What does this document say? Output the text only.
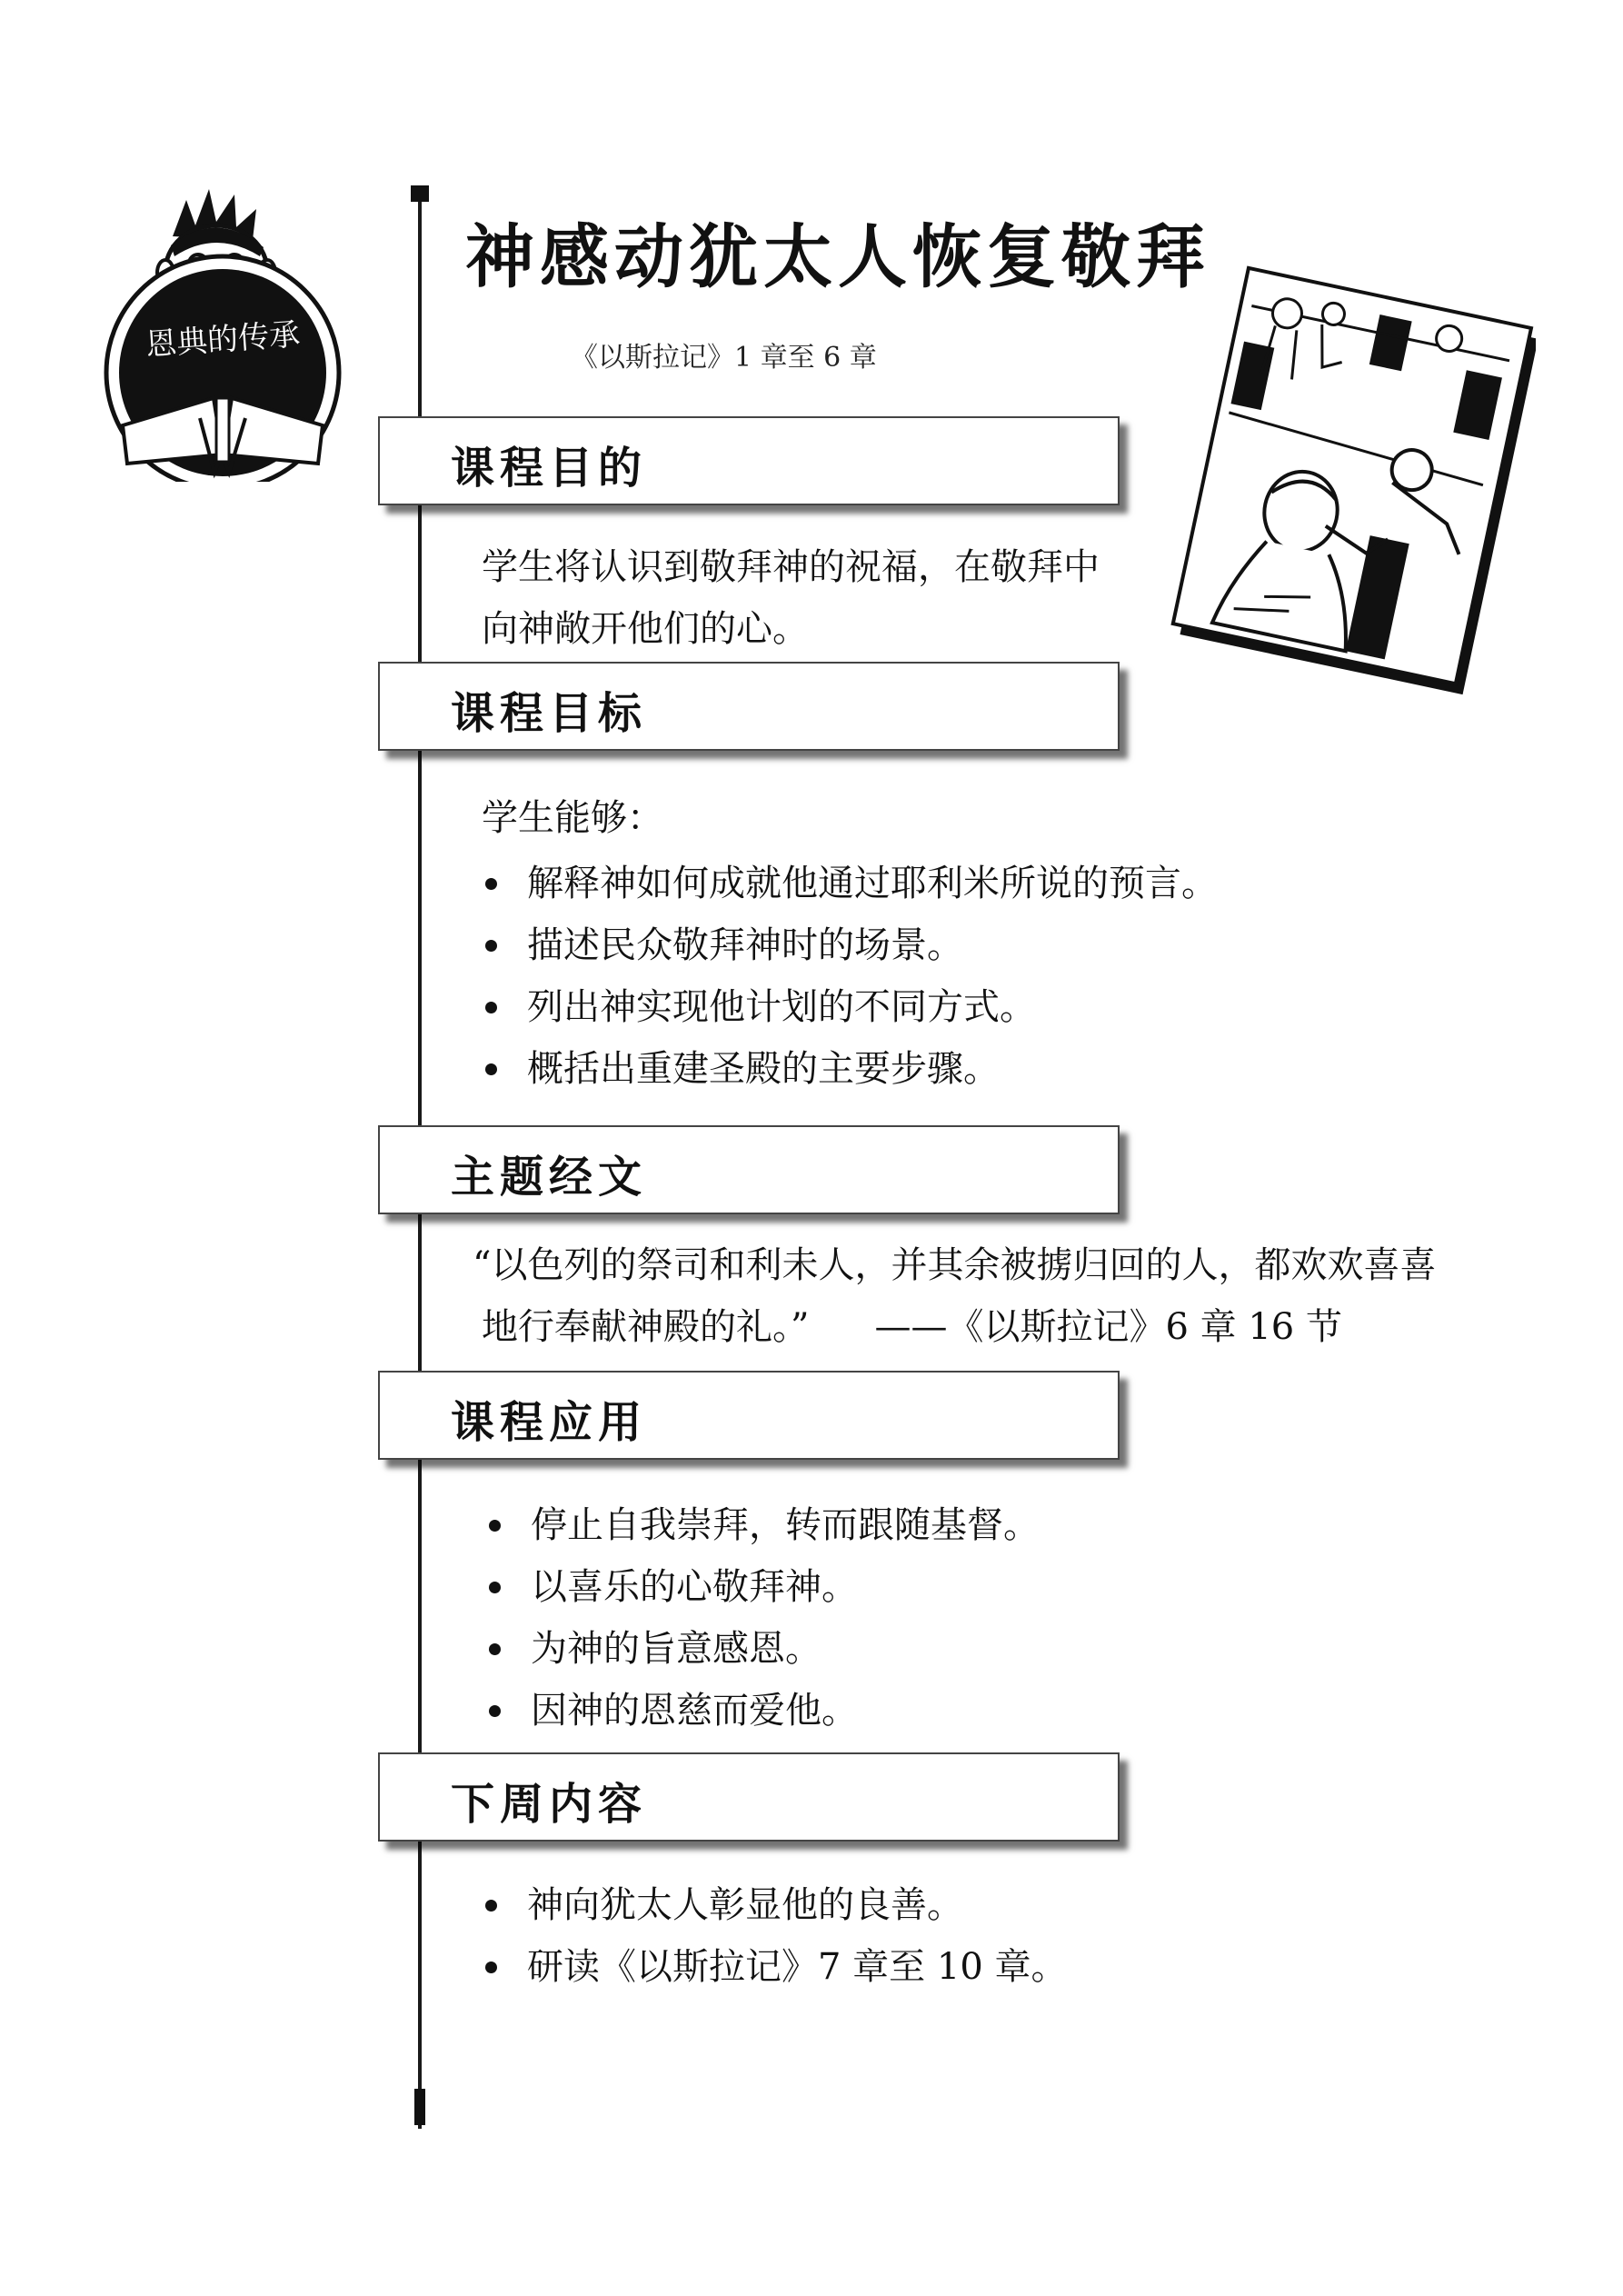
恩典的传承
神感动犹太人恢复敬拜
《以斯拉记》1 章至 6 章
课程目的
学生将认识到敬拜神的祝福，在敬拜中
向神敞开他们的心。
课程目标
学生能够：
解释神如何成就他通过耶利米所说的预言。
描述民众敬拜神时的场景。
列出神实现他计划的不同方式。
概括出重建圣殿的主要步骤。
主题经文
“以色列的祭司和利未人，并其余被掳归回的人，都欢欢喜喜
地行奉献神殿的礼。” ——《以斯拉记》6 章 16 节
课程应用
停止自我崇拜，转而跟随基督。
以喜乐的心敬拜神。
为神的旨意感恩。
因神的恩慈而爱他。
下周内容
神向犹太人彰显他的良善。
研读《以斯拉记》7 章至 10 章。
